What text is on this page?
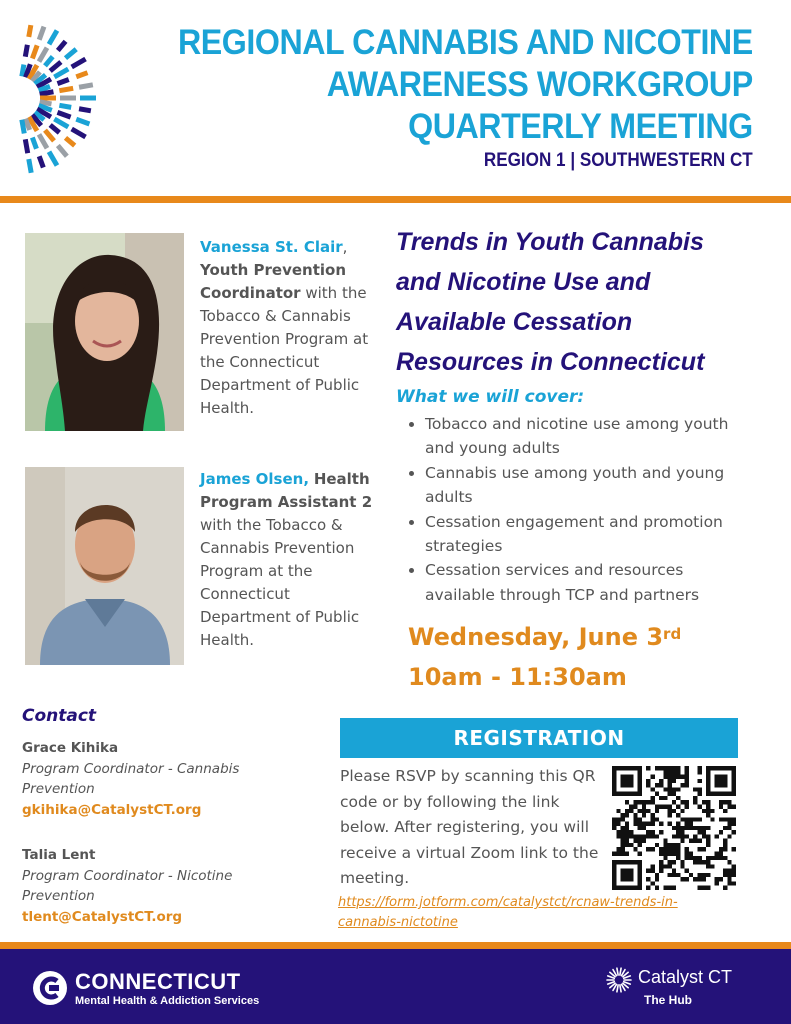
REGIONAL CANNABIS AND NICOTINE
AWARENESS WORKGROUP
QUARTERLY MEETING
REGION 1 | SOUTHWESTERN CT
Vanessa St. Clair, Youth Prevention Coordinator with the Tobacco & Cannabis Prevention Program at the Connecticut Department of Public Health.
James Olsen, Health Program Assistant 2 with the Tobacco & Cannabis Prevention Program at the Connecticut Department of Public Health.
Trends in Youth Cannabis
and Nicotine Use and
Available Cessation
Resources in Connecticut
What we will cover:
• Tobacco and nicotine use among youth and young adults
• Cannabis use among youth and young adults
• Cessation engagement and promotion strategies
• Cessation services and resources available through TCP and partners
Wednesday, June 3rd
10am - 11:30am
Contact
Grace Kihika
Program Coordinator - Cannabis Prevention
gkihika@CatalystCT.org
Talia Lent
Program Coordinator - Nicotine Prevention
tlent@CatalystCT.org
REGISTRATION
Please RSVP by scanning this QR code or by following the link below. After registering, you will receive a virtual Zoom link to the meeting.
https://form.jotform.com/catalystct/rcnaw-trends-in-cannabis-nictotine
CONNECTICUT
Mental Health & Addiction Services
Catalyst CT
The Hub
